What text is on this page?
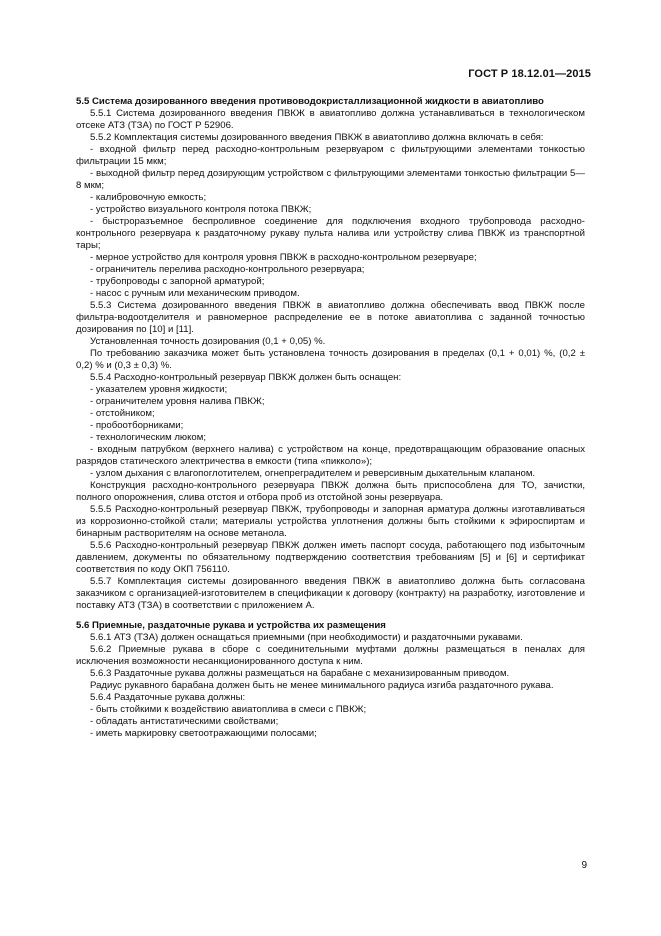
ГОСТ Р 18.12.01—2015

5.5 Система дозированного введения противоводокристаллизационной жидкости в авиатопливо

5.5.1 Система дозированного введения ПВКЖ в авиатопливо должна устанавливаться в технологическом отсеке АТЗ (ТЗА) по ГОСТ Р 52906.

5.5.2 Комплектация системы дозированного введения ПВКЖ в авиатопливо должна включать в себя:

- входной фильтр перед расходно-контрольным резервуаром с фильтрующими элементами тонкостью фильтрации 15 мкм;

- выходной фильтр перед дозирующим устройством с фильтрующими элементами тонкостью фильтрации 5—8 мкм;

- калибровочную емкость;

- устройство визуального контроля потока ПВКЖ;

- быстроразъемное беспроливное соединение для подключения входного трубопровода расходно-контрольного резервуара к раздаточному рукаву пульта налива или устройству слива ПВКЖ из транспортной тары;

- мерное устройство для контроля уровня ПВКЖ в расходно-контрольном резервуаре;

- ограничитель перелива расходно-контрольного резервуара;

- трубопроводы с запорной арматурой;

- насос с ручным или механическим приводом.

5.5.3 Система дозированного введения ПВКЖ в авиатопливо должна обеспечивать ввод ПВКЖ после фильтра-водоотделителя и равномерное распределение ее в потоке авиатоплива с заданной точностью дозирования по [10] и [11].

Установленная точность дозирования (0,1 + 0,05) %.

По требованию заказчика может быть установлена точность дозирования в пределах (0,1 + 0,01) %, (0,2 ± 0,2) % и (0,3 ± 0,3) %.

5.5.4 Расходно-контрольный резервуар ПВКЖ должен быть оснащен:

- указателем уровня жидкости;

- ограничителем уровня налива ПВКЖ;

- отстойником;

- пробоотборниками;

- технологическим люком;

- входным патрубком (верхнего налива) с устройством на конце, предотвращающим образование опасных разрядов статического электричества в емкости (типа «пикколо»);

- узлом дыхания с влагопоглотителем, огнепреградителем и реверсивным дыхательным клапаном.

Конструкция расходно-контрольного резервуара ПВКЖ должна быть приспособлена для ТО, зачистки, полного опорожнения, слива отстоя и отбора проб из отстойной зоны резервуара.

5.5.5 Расходно-контрольный резервуар ПВКЖ, трубопроводы и запорная арматура должны изготавливаться из коррозионно-стойкой стали; материалы устройства уплотнения должны быть стойкими к эфироспиртам и бинарным растворителям на основе метанола.

5.5.6 Расходно-контрольный резервуар ПВКЖ должен иметь паспорт сосуда, работающего под избыточным давлением, документы по обязательному подтверждению соответствия требованиям [5] и [6] и сертификат соответствия по коду ОКП 756110.

5.5.7 Комплектация системы дозированного введения ПВКЖ в авиатопливо должна быть согласована заказчиком с организацией-изготовителем в спецификации к договору (контракту) на разработку, изготовление и поставку АТЗ (ТЗА) в соответствии с приложением А.

5.6 Приемные, раздаточные рукава и устройства их размещения

5.6.1 АТЗ (ТЗА) должен оснащаться приемными (при необходимости) и раздаточными рукавами.

5.6.2 Приемные рукава в сборе с соединительными муфтами должны размещаться в пеналах для исключения возможности несанкционированного доступа к ним.

5.6.3 Раздаточные рукава должны размещаться на барабане с механизированным приводом.

Радиус рукавного барабана должен быть не менее минимального радиуса изгиба раздаточного рукава.

5.6.4 Раздаточные рукава должны:

- быть стойкими к воздействию авиатоплива в смеси с ПВКЖ;

- обладать антистатическими свойствами;

- иметь маркировку светоотражающими полосами;

9
